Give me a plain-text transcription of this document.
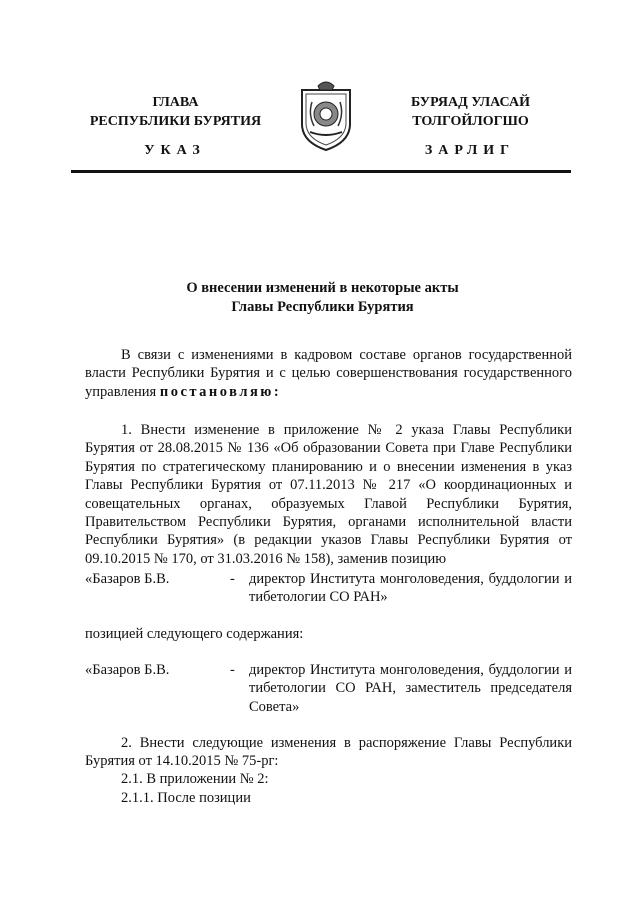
ГЛАВА
РЕСПУБЛИКИ БУРЯТИЯ
БУРЯАД УЛАСАЙ
ТОЛГОЙЛОГШО
УКАЗ	ЗАРЛИГ
О внесении изменений в некоторые акты
Главы Республики Бурятия

В связи с изменениями в кадровом составе органов государственной власти Республики Бурятия и с целью совершенствования государственного управления постановляю:

1. Внести изменение в приложение № 2 указа Главы Республики Бурятия от 28.08.2015 № 136 «Об образовании Совета при Главе Республики Бурятия по стратегическому планированию и о внесении изменения в указ Главы Республики Бурятия от 07.11.2013 № 217 «О координационных и совещательных органах, образуемых Главой Республики Бурятия, Правительством Республики Бурятия, органами исполнительной власти Республики Бурятия» (в редакции указов Главы Республики Бурятия от 09.10.2015 № 170, от 31.03.2016 № 158), заменив позицию

«Базаров Б.В.	- директор Института монголоведения, буддологии и тибетологии СО РАН»
позицией следующего содержания:
«Базаров Б.В.	- директор Института монголоведения, буддологии и тибетологии СО РАН, заместитель председателя Совета»

2. Внести следующие изменения в распоряжение Главы Республики Бурятия от 14.10.2015 № 75-рг:

2.1. В приложении № 2:
2.1.1. После позиции
